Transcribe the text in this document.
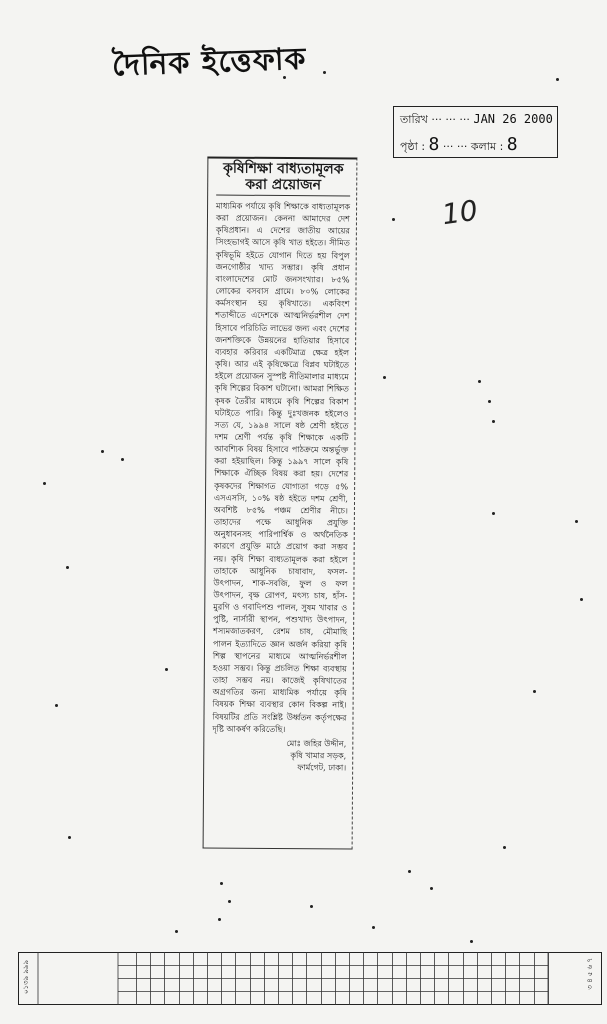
দৈনিক ইত্তেফাক
তারিখ ··· ··· ··· JAN 26 2000
পৃষ্ঠা : 8 ··· ··· কলাম : 8
10
কৃষিশিক্ষা বাধ্যতামূলক
করা প্রয়োজন
মাধ্যমিক পর্যায়ে কৃষি শিক্ষাকে বাধ্যতামূলক করা প্রয়োজন। কেননা আমাদের দেশ কৃষিপ্রধান। এ দেশের জাতীয় আয়ের সিংহভাগই আসে কৃষি খাত হইতে। সীমিত কৃষিভূমি হইতে যোগান দিতে হয় বিপুল জনগোষ্ঠীর খাদ্য সম্ভার। কৃষি প্রধান বাংলাদেশের মোট জনসংখ্যার। ৮৫% লোকের বসবাস গ্রামে। ৮০% লোকের কর্মসংস্থান হয় কৃষিখাতে। একবিংশ শতাব্দীতে এদেশকে আত্মনির্ভরশীল দেশ হিসাবে পরিচিতি লাভের জন্য এবং দেশের জনশক্তিকে উন্নয়নের হাতিয়ার হিসাবে ব্যবহার করিবার একটিমাত্র ক্ষেত্র হইল কৃষি। আর এই কৃষিক্ষেত্রে বিপ্লব ঘটাইতে হইলে প্রয়োজন সুস্পষ্ট নীতিমালার মাধ্যমে কৃষি শিল্পের বিকাশ ঘটানো। আমরা শিক্ষিত কৃষক তৈরীর মাধ্যমে কৃষি শিল্পের বিকাশ ঘটাইতে পারি। কিন্তু দুঃখজনক হইলেও সত্য যে, ১৯৯৪ সালে ষষ্ঠ শ্রেণী হইতে দশম শ্রেণী পর্যন্ত কৃষি শিক্ষাকে একটি আবশ্যিক বিষয় হিসাবে পাঠক্রমে অন্তর্ভুক্ত করা হইয়াছিল। কিন্তু ১৯৯৭ সালে কৃষি শিক্ষাকে ঐচ্ছিক বিষয় করা হয়। দেশের কৃষকদের শিক্ষাগত যোগ্যতা গড়ে ৫% এসএসসি, ১০% ষষ্ঠ হইতে দশম শ্রেণী, অবশিষ্ট ৮৫% পঞ্চম শ্রেণীর নীচে। তাহাদের পক্ষে আধুনিক প্রযুক্তি অনুধাবনসহ পারিপার্শ্বিক ও অর্থনৈতিক কারণে প্রযুক্তি মাঠে প্রয়োগ করা সম্ভব নয়। কৃষি শিক্ষা বাধ্যতামূলক করা হইলে তাহাকে আধুনিক চাষাবাদ, ফসল-উৎপাদন, শাক-সবজি, ফুল ও ফল উৎপাদন, বৃক্ষ রোপণ, মৎস্য চাষ, হাঁস-মুরগি ও গবাদিপশু পালন, সুষম খাবার ও পুষ্টি, নার্সারী স্থাপন, পশুখাদ্য উৎপাদন, শস্যমজাতকরণ, রেশম চাষ, মৌমাছি পালন ইত্যাদিতে জ্ঞান অর্জন করিয়া কৃষি শিল্প স্থাপনের মাধ্যমে আত্মনির্ভরশীল হওয়া সম্ভব। কিন্তু প্রচলিত শিক্ষা ব্যবস্থায় তাহা সম্ভব নয়। কাজেই কৃষিখাতের অগ্রগতির জন্য মাধ্যমিক পর্যায়ে কৃষি বিষয়ক শিক্ষা ব্যবস্থার কোন বিকল্প নাই। বিষয়টির প্রতি সংশ্লিষ্ট উর্ধ্বতন কর্তৃপক্ষের দৃষ্টি আকর্ষণ করিতেছি।
মোঃ জহির উদ্দীন,
কৃষি খামার সড়ক,
ফার্মগেট, ঢাকা।
০১৩৯ ৯৯৯	৩ ৪ ৫ ৬ ৭
